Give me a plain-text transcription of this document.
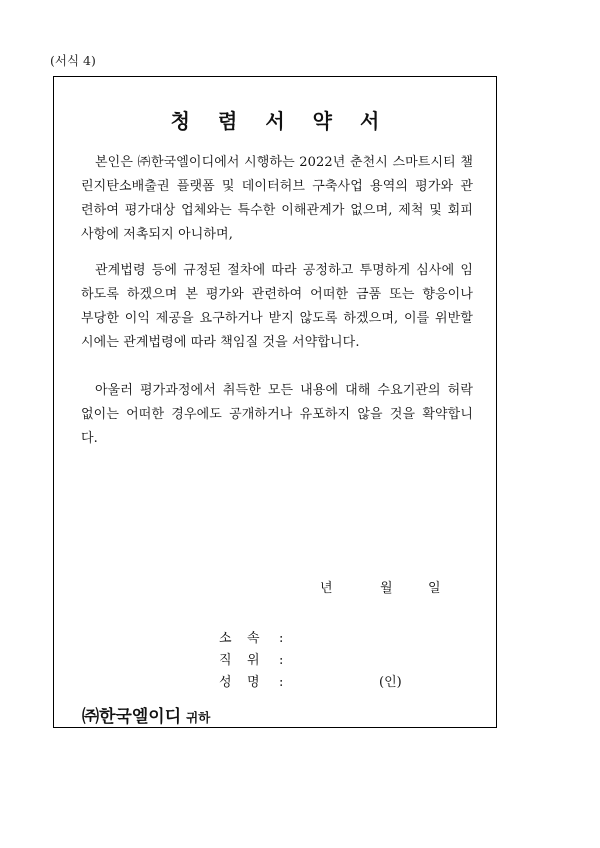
(서식 4)
청 렴 서 약 서

본인은 ㈜한국엘이디에서 시행하는 2022년 춘천시 스마트시티 챌
린지탄소배출권 플랫폼 및 데이터허브 구축사업 용역의 평가와 관
련하여 평가대상 업체와는 특수한 이해관계가 없으며, 제척 및 회피
사항에 저촉되지 아니하며,

관계법령 등에 규정된 절차에 따라 공정하고 투명하게 심사에 임
하도록 하겠으며 본 평가와 관련하여 어떠한 금품 또는 향응이나
부당한 이익 제공을 요구하거나 받지 않도록 하겠으며, 이를 위반할
시에는 관계법령에 따라 책임질 것을 서약합니다.

아울러 평가과정에서 취득한 모든 내용에 대해 수요기관의 허락
없이는 어떠한 경우에도 공개하거나 유포하지 않을 것을 확약합니
다.

년	월	일
소 속 :
직 위 :
성 명 :	(인)
㈜한국엘이디 귀하
